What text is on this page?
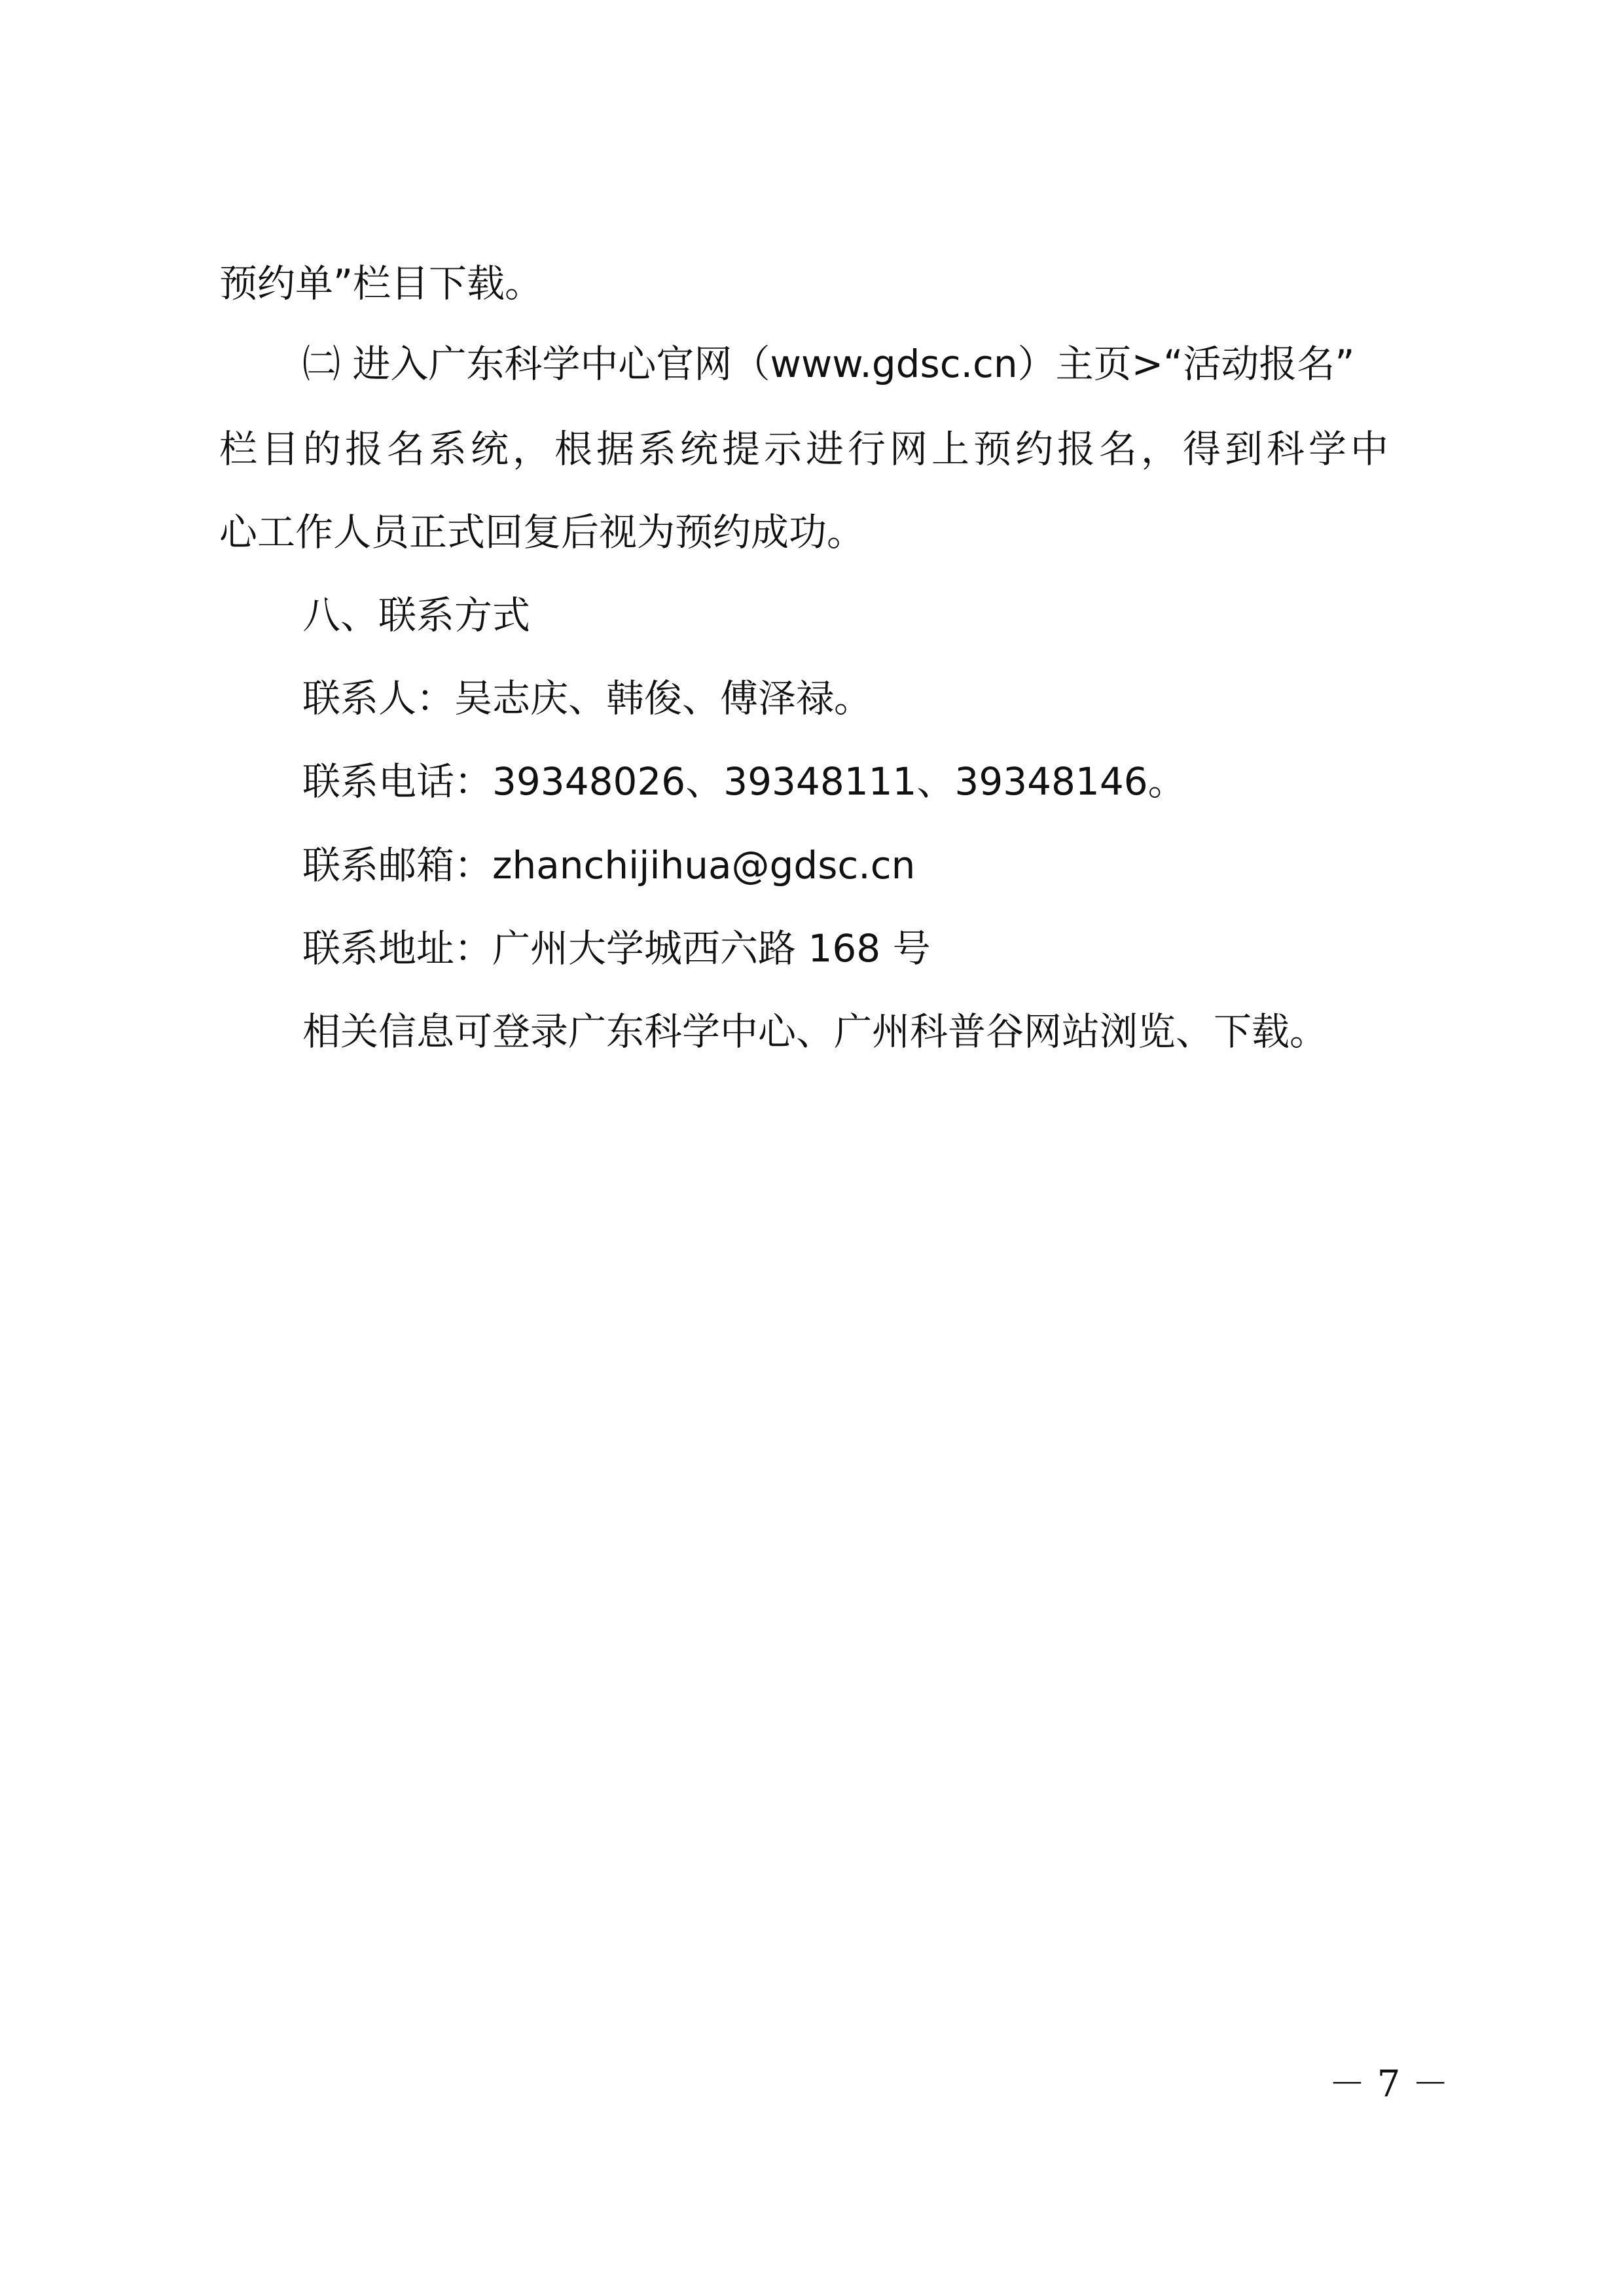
预约单”栏目下载。
㈡ 进入广东科学中心官网（www.gdsc.cn）主页>“活动报名”
栏目的报名系统，根据系统提示进行网上预约报名，得到科学中
心工作人员正式回复后视为预约成功。
八、联系方式
联系人：吴志庆、韩俊、傅泽禄。
联系电话：39348026、39348111、39348146。
联系邮箱：zhanchijihua@gdsc.cn
联系地址：广州大学城西六路 168 号
相关信息可登录广东科学中心、广州科普谷网站浏览、下载。
－ 7 －
